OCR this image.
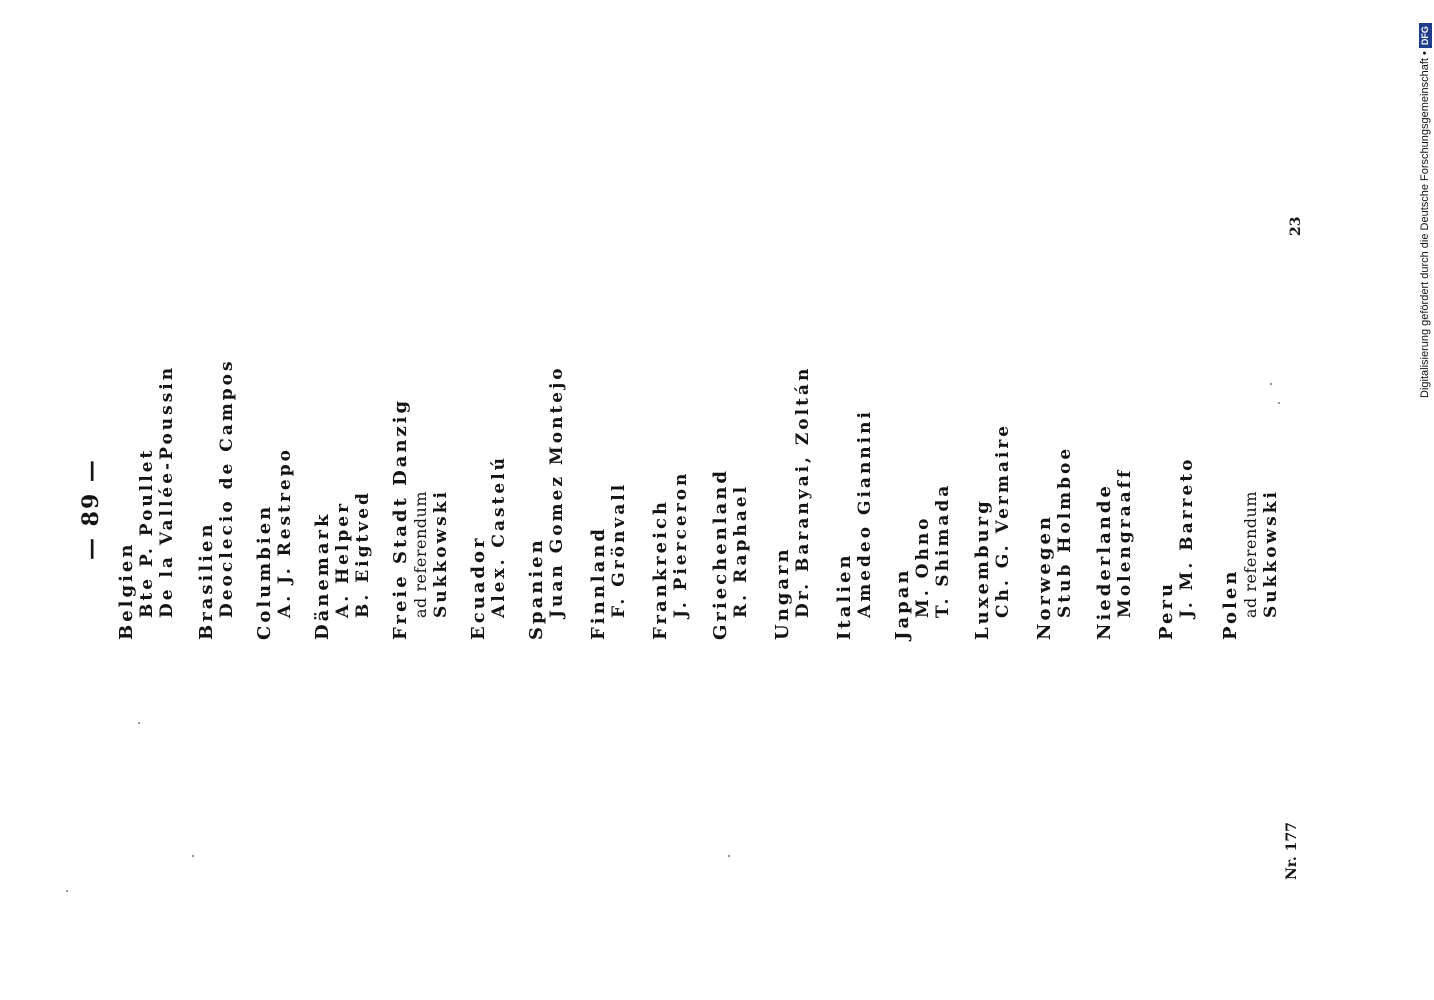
— 89 —
Belgien Bte P. Poullet De la Vallée-Poussin Brasilien Deoclecio de Campos Columbien A. J. Restrepo Dänemark A. Helper B. Eigtved Freie Stadt Danzig ad referendum Sukkowski Ecuador Alex. Castelú Spanien Juan Gomez Montejo Finnland F. Grönvall Frankreich J. Pierceron Griechenland R. Raphael Ungarn Dr. Baranyai, Zoltán Italien Amedeo Giannini Japan M. Ohno T. Shimada Luxemburg Ch. G. Vermaire Norwegen Stub Holmboe Niederlande Molengraaff Peru J. M. Barreto Polen ad referendum Sukkowski
Nr. 177
23	Digitalisierung gefördert durch die Deutsche Forschungsgemeinschaft •DFG
